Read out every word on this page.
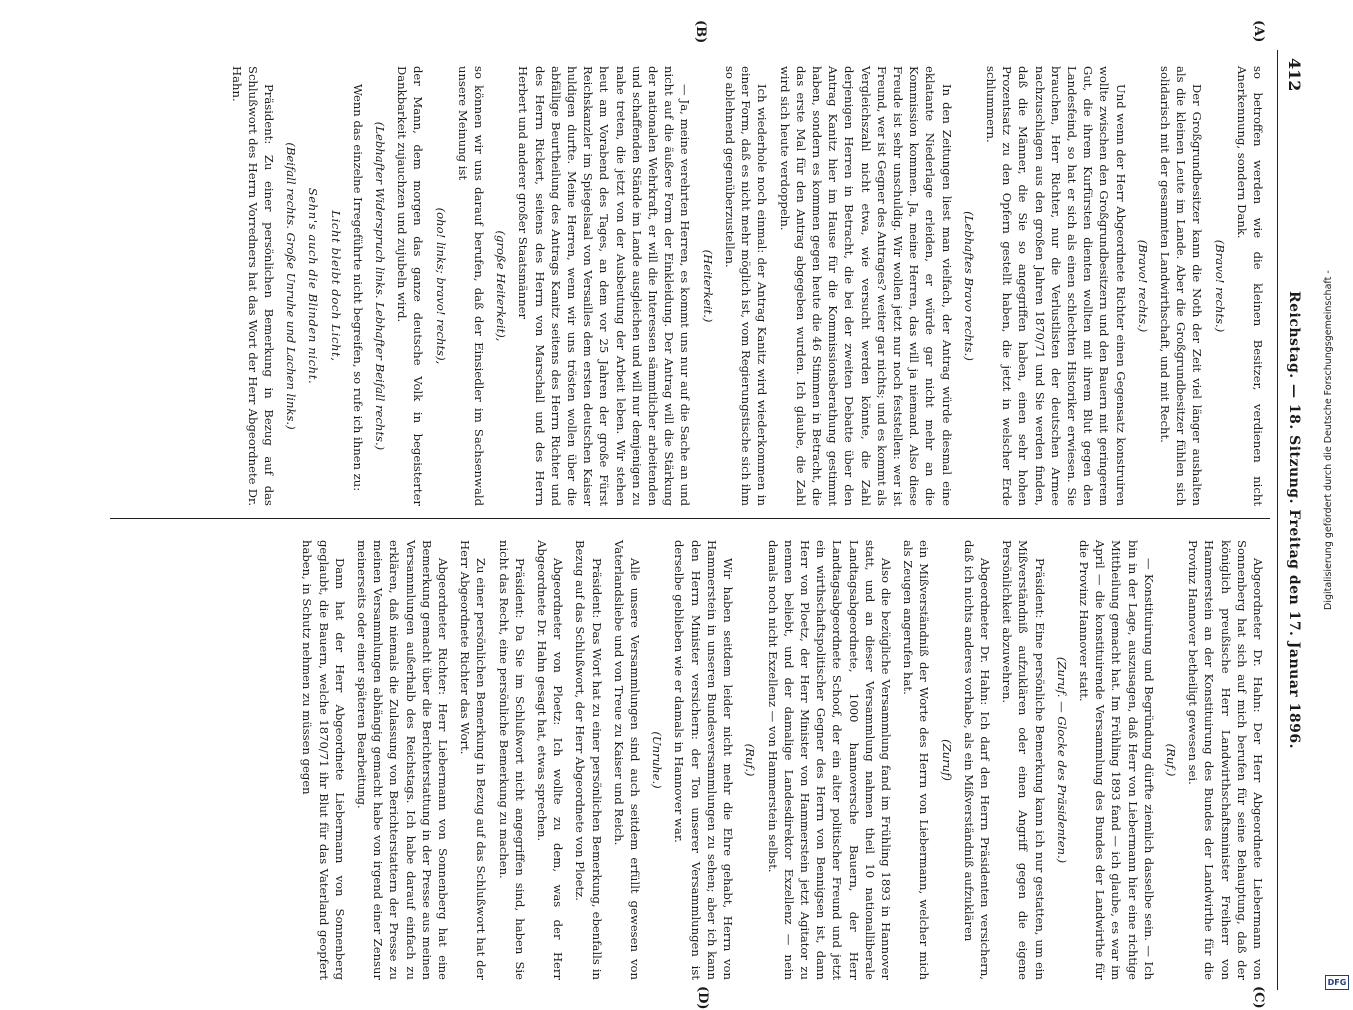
412
Reichstag. — 18. Sitzung. Freitag den 17. Januar 1896.
(A)
(B)
(C)
(D)

so betroffen werden wie die kleinen Besitzer, verdienen nicht Anerkennung, sondern Dank.

(Bravo! rechts.)

Der Großgrundbesitzer kann die Noth der Zeit viel länger aushalten als die kleinen Leute im Lande. Aber die Großgrundbesitzer fühlen sich solidarisch mit der gesammten Landwirthschaft, und mit Recht.

(Bravo! rechts.)

Und wenn der Herr Abgeordnete Richter einen Gegensatz konstruiren wollte zwischen den Großgrundbesitzern und den Bauern mit geringerem Gut, die ihrem Kurfürsten dienten wollten mit ihrem Blut gegen den Landesfeind, so hat er sich als einen schlechten Historiker erwiesen. Sie brauchen, Herr Richter, nur die Verlustlisten der deutschen Armee nachzuschlagen aus den großen Jahren 1870/71 und Sie werden finden, daß die Männer, die Sie so angegriffen haben, einen sehr hohen Prozentsatz zu den Opfern gestellt haben, die jetzt in welscher Erde schlummern.

(Lebhaftes Bravo rechts.)

In den Zeitungen liest man vielfach, der Antrag würde diesmal eine eklatante Niederlage erleiden, er würde gar nicht mehr an die Kommission kommen. Ja, meine Herren, das will ja niemand. Also diese Freude ist sehr unschuldig. Wir wollen jetzt nur noch feststellen: wer ist Freund, wer ist Gegner des Antrages? weiter gar nichts; und es kommt als Vergleichszahl nicht etwa, wie versucht werden könnte, die Zahl derjenigen Herren in Betracht, die bei der zweiten Debatte über den Antrag Kanitz hier im Hause für die Kommissionsberathung gestimmt haben, sondern es kommen gegen heute die 46 Stimmen in Betracht, die das erste Mal für den Antrag abgegeben wurden. Ich glaube, die Zahl wird sich heute verdoppeln.

Ich wiederhole noch einmal: der Antrag Kanitz wird wiederkommen in einer Form, daß es nicht mehr möglich ist, vom Regierungstische sich ihm so ablehnend gegenüberzustellen.

(Heiterkeit.)

— Ja, meine verehrten Herren, es kommt uns nur auf die Sache an und nicht auf die äußere Form der Einkleidung. Der Antrag will die Stärkung der nationalen Wehrkraft, er will die Interessen sämmtlicher arbeitenden und schaffenden Stände im Lande ausgleichen und will nur demjenigen zu nahe treten, die jetzt von der Ausbeutung der Arbeit leben. Wir stehen heut am Vorabend des Tages, an dem vor 25 Jahren der große Fürst Reichskanzler im Spiegelsaal von Versailles dem ersten deutschen Kaiser huldigen durfte. Meine Herren, wenn wir uns trösten wollen über die abfällige Beurtheilung des Antrags Kanitz seitens des Herrn Richter und des Herrn Rickert, seitens des Herrn von Marschall und des Herrn Herbert und anderer großer Staatsmänner

(große Heiterkeit),

so können wir uns darauf berufen, daß der Einsiedler im Sachsenwald unsere Meinung ist

(oho! links; bravo! rechts),

der Mann, dem morgen das ganze deutsche Volk in begeisterter Dankbarkeit zujauchzen und zujubeln wird.

(Lebhafter Widerspruch links. Lebhafter Beifall rechts.)

Wenn das einzelne Irregeführte nicht begreifen, so rufe ich ihnen zu:

Licht bleibt doch Licht,
Sehn's auch die Blinden nicht.
(Beifall rechts. Große Unruhe und Lachen links.)

Präsident: Zu einer persönlichen Bemerkung in Bezug auf das Schlußwort des Herrn Vorredners hat das Wort der Herr Abgeordnete Dr. Hahn.

Abgeordneter Dr. Hahn: Der Herr Abgeordnete Liebermann von Sonnenberg hat sich auf mich berufen für seine Behauptung, daß der königlich preußische Herr Landwirthschaftsminister Freiherr von Hammerstein an der Konstituirung des Bundes der Landwirthe für die Provinz Hannover betheiligt gewesen sei.

(Ruf.)

— Konstituirung und Begründung dürfte ziemlich dasselbe sein. — Ich bin in der Lage, auszusagen, daß Herr von Liebermann hier eine richtige Mittheilung gemacht hat. Im Frühling 1893 fand — ich glaube, es war im April — die konstituirende Versammlung des Bundes der Landwirthe für die Provinz Hannover statt.

(Zuruf. — Glocke des Präsidenten.)

Präsident: Eine persönliche Bemerkung kann ich nur gestatten, um ein Mißverständniß aufzuklären oder einen Angriff gegen die eigene Persönlichkeit abzuwehren.

Abgeordneter Dr. Hahn: Ich darf den Herrn Präsidenten versichern, daß ich nichts anderes vorhabe, als ein Mißverständniß aufzuklären

(Zuruf)

ein Mißverständniß der Worte des Herrn von Liebermann, welcher mich als Zeugen angerufen hat.

Also die bezügliche Versammlung fand im Frühling 1893 in Hannover statt, und an dieser Versammlung nahmen theil 10 nationalliberale Landtagsabgeordnete, 1000 hannoversche Bauern, der Herr Landtagsabgeordnete Schoof, der ein alter politischer Freund und jetzt ein wirthschaftspolitischer Gegner des Herrn von Bennigsen ist, dann Herr von Ploetz, der Herr Minister von Hammerstein jetzt Agitator zu nennen beliebt, und der damalige Landesdirektor Exzellenz — nein damals noch nicht Exzellenz — von Hammerstein selbst.

(Ruf.)

Wir haben seitdem leider nicht mehr die Ehre gehabt, Herrn von Hammerstein in unseren Bundesversammlungen zu sehen; aber ich kann den Herrn Minister versichern: der Ton unserer Versammlungen ist derselbe geblieben wie er damals in Hannover war.

(Unruhe.)

Alle unsere Versammlungen sind auch seitdem erfüllt gewesen von Vaterlandsliebe und von Treue zu Kaiser und Reich.

Präsident: Das Wort hat zu einer persönlichen Bemerkung, ebenfalls in Bezug auf das Schlußwort, der Herr Abgeordnete von Ploetz.

Abgeordneter von Ploetz: Ich wollte zu dem, was der Herr Abgeordnete Dr. Hahn gesagt hat, etwas sprechen.

Präsident: Da Sie im Schlußwort nicht angegriffen sind, haben Sie nicht das Recht, eine persönliche Bemerkung zu machen.

Zu einer persönlichen Bemerkung in Bezug auf das Schlußwort hat der Herr Abgeordnete Richter das Wort.

Abgeordneter Richter: Herr Liebermann von Sonnenberg hat eine Bemerkung gemacht über die Berichterstattung in der Presse aus meinen Versammlungen außerhalb des Reichstags. Ich habe darauf einfach zu erklären, daß niemals die Zulassung von Berichterstattern der Presse zu meinen Versammlungen abhängig gemacht habe von irgend einer Zensur meinerseits oder einer späteren Bearbeitung.

Dann hat der Herr Abgeordnete Liebermann von Sonnenberg geglaubt, die Bauern, welche 1870/71 ihr Blut für das Vaterland geopfert haben, in Schutz nehmen zu müssen gegen

Digitalisierung gefördert durch die Deutsche Forschungsgemeinschaft -
DFG
